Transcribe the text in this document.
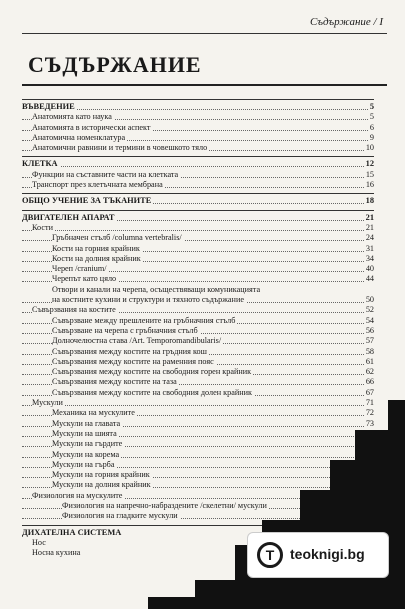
Съдържание / I
СЪДЪРЖАНИЕ
ВЪВЕДЕНИЕ	5
Анатомията като наука	5
Анатомията в исторически аспект	6
Анатомична номенклатура	9
Анатомични равнини и термини в човешкото тяло	10
КЛЕТКА	12
Функции на съставните части на клетката	15
Транспорт през клетъчната мембрана	16
ОБЩО УЧЕНИЕ ЗА ТЪКАНИТЕ	18
ДВИГАТЕЛЕН АПАРАТ	21
Кости	21
Гръбначен стълб /columna vertebralis/	24
Кости на горния крайник	31
Кости на долния крайник	34
Череп /cranium/	40
Черепът като цяло	44
Отвори и канали на черепа, осъществяващи комуникацията
на костните кухини и структури и тяхното съдържание	50
Съвързвания на костите	52
Съвързване между прешлените на гръбначния стълб	54
Съвързване на черепа с гръбначния стълб	56
Долночелюстна става /Art. Temporomandibularis/	57
Съвързвания между костите на гръдния кош	58
Съвързвания между костите на раменния пояс	61
Съвързвания между костите на свободния горен крайник	62
Съвързвания между костите на таза	66
Съвързвания между костите на свободния долен крайник	67
Мускули	71
Механика на мускулите	72
Мускули на главата	73
Мускули на шията
Мускули на гърдите
Мускули на корема
Мускули на гърба
Мускули на горния крайник
Мускули на долния крайник
Физиология на мускулите
Физиология на напречно-набраздените /скелетни/ мускули
Физиология на гладките мускули
ДИХАТЕЛНА СИСТЕМА
Нос
Носна кухина	T	teoknigi.bg
